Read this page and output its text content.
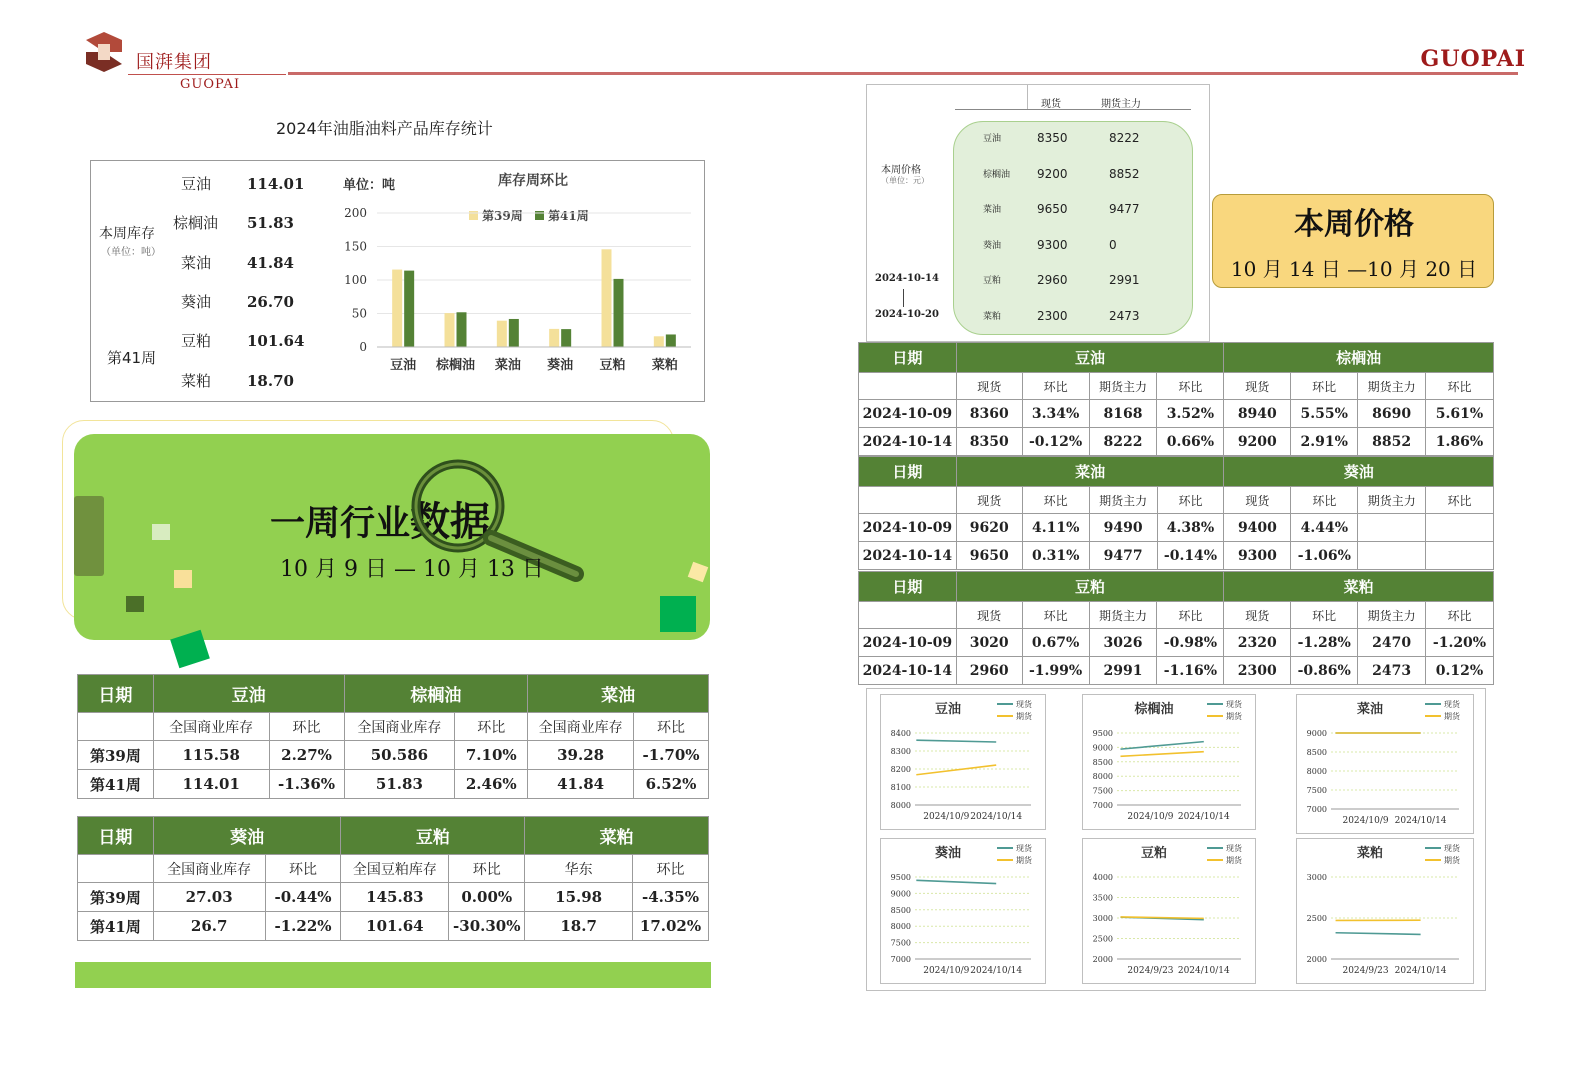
国湃集团
GUOPAI
GUOPAI
2024年油脂油料产品库存统计
本周库存
（单位：吨）
第41周
豆油 114.01
棕榈油 51.83
菜油 41.84
葵油 26.70
豆粕 101.64
菜粕 18.70
单位：吨	库存周环比
第39周 第41周
0
50
100
150
200
豆油 棕榈油 菜油 葵油 豆粕 菜粕
一周行业数据
10 月 9 日 — 10 月 13 日
日期	豆油		棕榈油		菜油	
	全国商业库存	环比	全国商业库存	环比	全国商业库存	环比
第39周	115.58	2.27%	50.586	7.10%	39.28	-1.70%
第41周	114.01	-1.36%	51.83	2.46%	41.84	6.52%
日期	葵油		豆粕		菜粕	
	全国商业库存	环比	全国豆粕库存	环比	华东	环比
第39周	27.03	-0.44%	145.83	0.00%	15.98	-4.35%
第41周	26.7	-1.22%	101.64	-30.30%	18.7	17.02%
现货	期货主力
本周价格
（单位：元）
2024-10-14
2024-10-20
豆油	8350	8222
棕榈油 9200	8852
菜油	9650	9477
葵油	9300	0
豆粕	2960	2991
菜粕	2300	2473
本周价格
10 月 14 日 —10 月 20 日
日期	豆油				棕榈油			
	现货	环比	期货主力	环比	现货	环比	期货主力	环比
2024-10-09	8360	3.34%	8168	3.52%	8940	5.55%	8690	5.61%
2024-10-14	8350	-0.12%	8222	0.66%	9200	2.91%	8852	1.86%
日期	菜油				葵油			
	现货	环比	期货主力	环比	现货	环比	期货主力	环比
2024-10-09	9620	4.11%	9490	4.38%	9400	4.44%		
2024-10-14	9650	0.31%	9477	-0.14%	9300	-1.06%		
日期	豆粕				菜粕			
	现货	环比	期货主力	环比	现货	环比	期货主力	环比
2024-10-09	3020	0.67%	3026	-0.98%	2320	-1.28%	2470	-1.20%
2024-10-14	2960	-1.99%	2991	-1.16%	2300	-0.86%	2473	0.12%
豆油	现货
期货
8000
8100
8200
8300
8400
2024/10/9 2024/10/14
棕榈油	现货
期货
7000
7500
8000
8500
9000
9500
2024/10/9 2024/10/14
菜油	现货
期货
7000
7500
8000
8500
9000
2024/10/9 2024/10/14
葵油	现货
期货
7000
7500
8000
8500
9000
9500
2024/10/9 2024/10/14
豆粕	现货
期货
2000
2500
3000
3500
4000
2024/9/23 2024/10/14
菜粕	现货
期货
2000
2500
3000
2024/9/23 2024/10/14
